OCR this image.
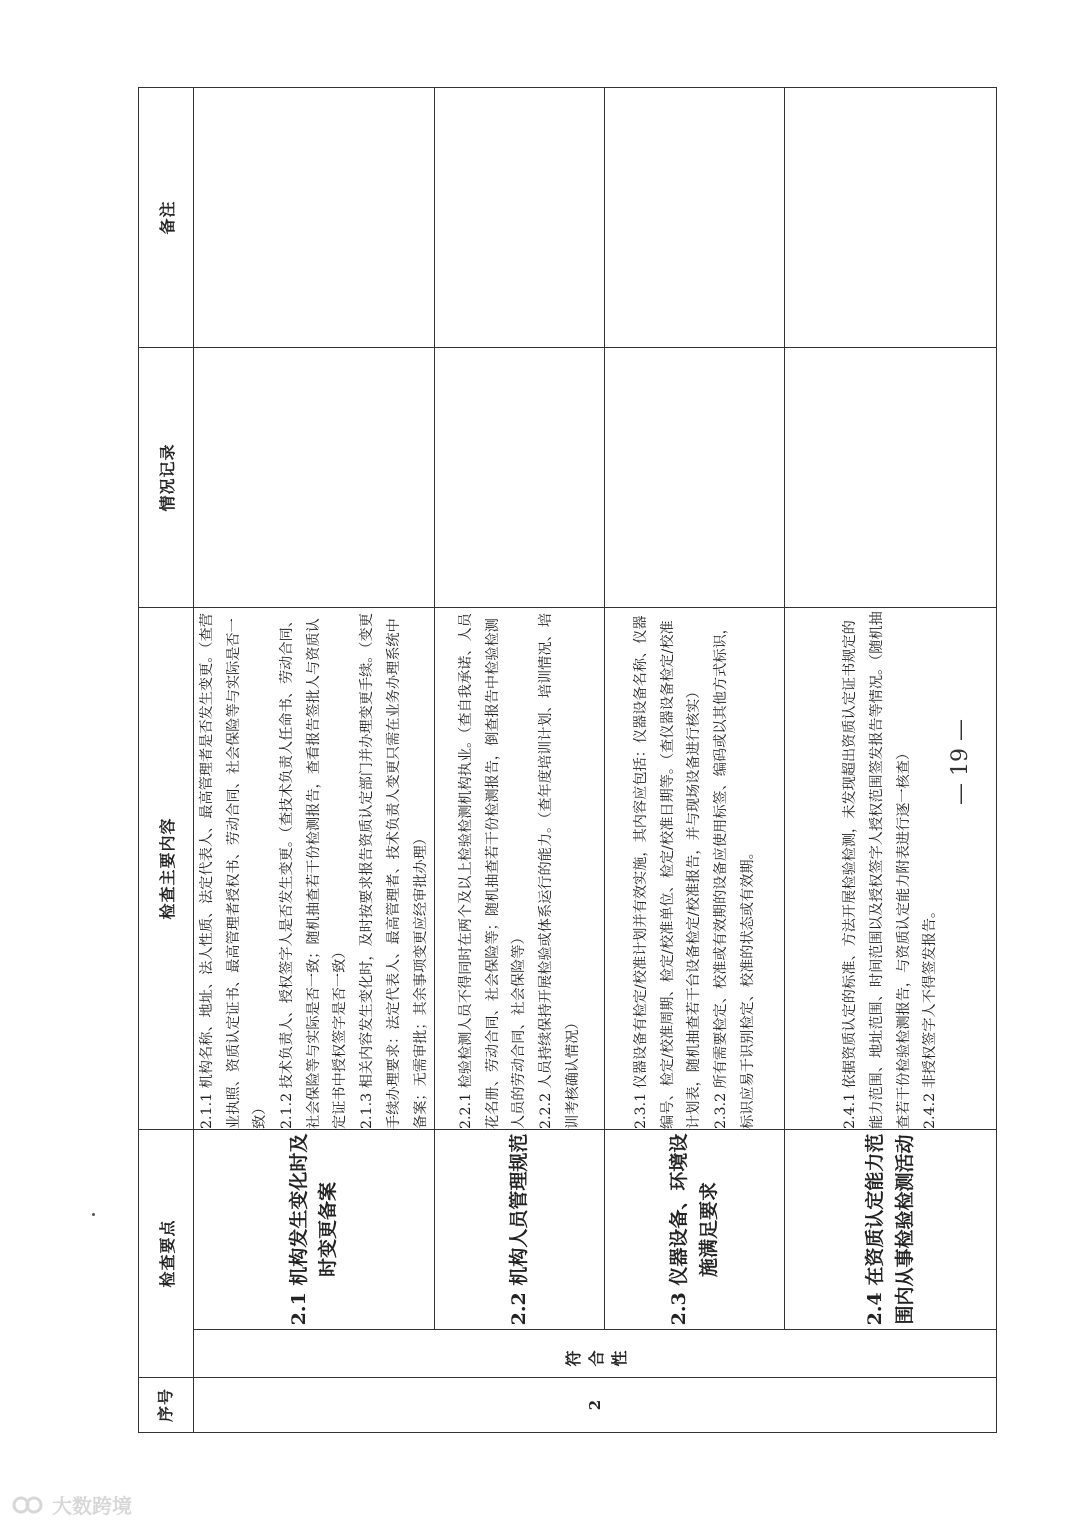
序号	检查要点		检查主要内容	情况记录	备注
2	符合性	2.1 机构发生变化时及时变更备案	2.1.1 机构名称、地址、法人性质、法定代表人、最高管理者是否发生变更。（查营业执照、资质认定证书、最高管理者授权书、劳动合同、社会保险等与实际是否一致） 2.1.2 技术负责人、授权签字人是否发生变更。（查技术负责人任命书、劳动合同、社会保险等与实际是否一致；随机抽查若干份检测报告，查看报告签批人与资质认定证书中授权签字是否一致） 2.1.3 相关内容发生变化时，及时按要求报告资质认定部门并办理变更手续。（变更手续办理要求：法定代表人、最高管理者、技术负责人变更只需在业务办理系统中备案；无需审批；其余事项变更应经审批办理）		

		2.2 机构人员管理规范	2.2.1 检验检测人员不得同时在两个及以上检验检测机构执业。（查自我承诺、人员花名册、劳动合同、社会保险等；随机抽查若干份检测报告，倒查报告中检验检测人员的劳动合同、社会保险等） 2.2.2 人员持续保持开展检验或体系运行的能力。（查年度培训计划、培训情况、培训考核确认情况）		

		2.3 仪器设备、环境设施满足要求	2.3.1 仪器设备有检定/校准计划并有效实施，其内容应包括：仪器设备名称、仪器编号、检定/校准周期、检定/校准单位、检定/校准日期等。（查仪器设备检定/校准计划表，随机抽查若干台设备检定/校准报告，并与现场设备进行核实） 2.3.2 所有需要检定、校准或有效期的设备应使用标签、编码或以其他方式标识，标识应易于识别检定、校准的状态或有效期。		

		2.4 在资质认定能力范围内从事检验检测活动	2.4.1 依据资质认定的标准、方法开展检验检测，未发现超出资质认定证书规定的能力范围、地址范围、时间范围以及授权签字人授权范围签发报告等情况。（随机抽查若干份检验检测报告，与资质认定能力附表进行逐一核查） 2.4.2 非授权签字人不得签发报告。		

— 19 —
大数跨境
